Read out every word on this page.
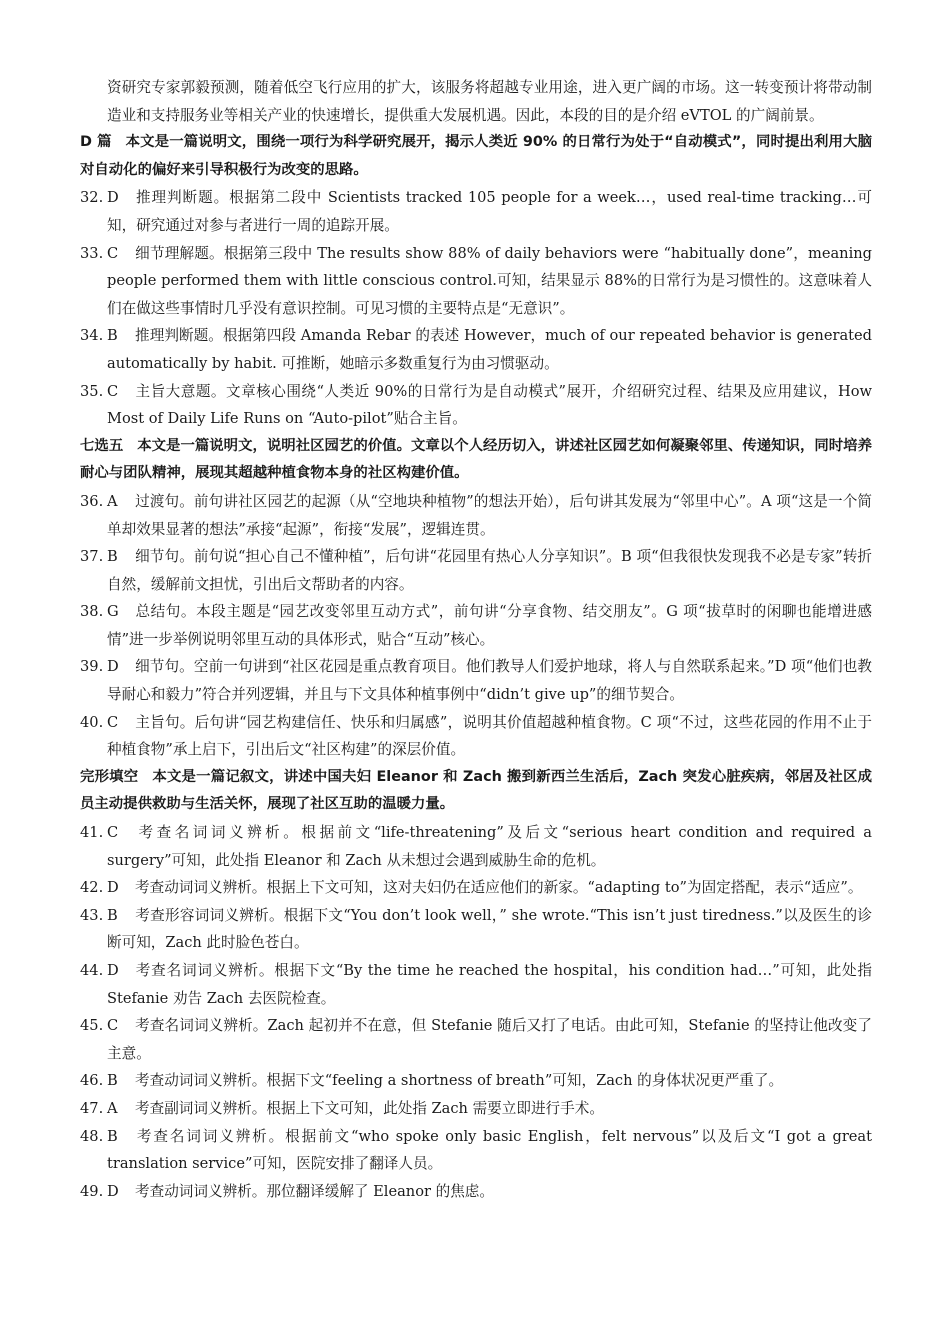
资研究专家郭毅预测，随着低空飞行应用的扩大，该服务将超越专业用途，进入更广阔的市场。这一转变预计将带动制造业和支持服务业等相关产业的快速增长，提供重大发展机遇。因此，本段的目的是介绍 eVTOL 的广阔前景。

D 篇 本文是一篇说明文，围绕一项行为科学研究展开，揭示人类近 90% 的日常行为处于“自动模式”，同时提出利用大脑对自动化的偏好来引导积极行为改变的思路。

32. D 推理判断题。根据第二段中 Scientists tracked 105 people for a week…，used real-time tracking…可知，研究通过对参与者进行一周的追踪开展。

33. C 细节理解题。根据第三段中 The results show 88% of daily behaviors were “habitually done”，meaning people performed them with little conscious control.可知，结果显示 88%的日常行为是习惯性的。这意味着人们在做这些事情时几乎没有意识控制。可见习惯的主要特点是“无意识”。

34. B 推理判断题。根据第四段 Amanda Rebar 的表述 However，much of our repeated behavior is generated automatically by habit. 可推断，她暗示多数重复行为由习惯驱动。

35. C 主旨大意题。文章核心围绕“人类近 90%的日常行为是自动模式”展开，介绍研究过程、结果及应用建议，How Most of Daily Life Runs on “Auto-pilot”贴合主旨。

七选五 本文是一篇说明文，说明社区园艺的价值。文章以个人经历切入，讲述社区园艺如何凝聚邻里、传递知识，同时培养耐心与团队精神，展现其超越种植食物本身的社区构建价值。

36. A 过渡句。前句讲社区园艺的起源（从“空地块种植物”的想法开始），后句讲其发展为“邻里中心”。A 项“这是一个简单却效果显著的想法”承接“起源”，衔接“发展”，逻辑连贯。

37. B 细节句。前句说“担心自己不懂种植”，后句讲“花园里有热心人分享知识”。B 项“但我很快发现我不必是专家”转折自然，缓解前文担忧，引出后文帮助者的内容。

38. G 总结句。本段主题是“园艺改变邻里互动方式”，前句讲“分享食物、结交朋友”。G 项“拔草时的闲聊也能增进感情”进一步举例说明邻里互动的具体形式，贴合“互动”核心。

39. D 细节句。空前一句讲到“社区花园是重点教育项目。他们教导人们爱护地球，将人与自然联系起来。”D 项“他们也教导耐心和毅力”符合并列逻辑，并且与下文具体种植事例中“didn’t give up”的细节契合。

40. C 主旨句。后句讲“园艺构建信任、快乐和归属感”，说明其价值超越种植食物。C 项“不过，这些花园的作用不止于种植食物”承上启下，引出后文“社区构建”的深层价值。

完形填空 本文是一篇记叙文，讲述中国夫妇 Eleanor 和 Zach 搬到新西兰生活后，Zach 突发心脏疾病，邻居及社区成员主动提供救助与生活关怀，展现了社区互助的温暖力量。

41. C 考查名词词义辨析。根据前文“life-threatening”及后文“serious heart condition and required a surgery”可知，此处指 Eleanor 和 Zach 从未想过会遇到威胁生命的危机。

42. D 考查动词词义辨析。根据上下文可知，这对夫妇仍在适应他们的新家。“adapting to”为固定搭配，表示“适应”。

43. B 考查形容词词义辨析。根据下文“You don’t look well，” she wrote.“This isn’t just tiredness.”以及医生的诊断可知，Zach 此时脸色苍白。

44. D 考查名词词义辨析。根据下文“By the time he reached the hospital，his condition had…”可知，此处指 Stefanie 劝告 Zach 去医院检查。

45. C 考查名词词义辨析。Zach 起初并不在意，但 Stefanie 随后又打了电话。由此可知，Stefanie 的坚持让他改变了主意。

46. B 考查动词词义辨析。根据下文“feeling a shortness of breath”可知，Zach 的身体状况更严重了。

47. A 考查副词词义辨析。根据上下文可知，此处指 Zach 需要立即进行手术。

48. B 考查名词词义辨析。根据前文“who spoke only basic English，felt nervous”以及后文“I got a great translation service”可知，医院安排了翻译人员。

49. D 考查动词词义辨析。那位翻译缓解了 Eleanor 的焦虑。
